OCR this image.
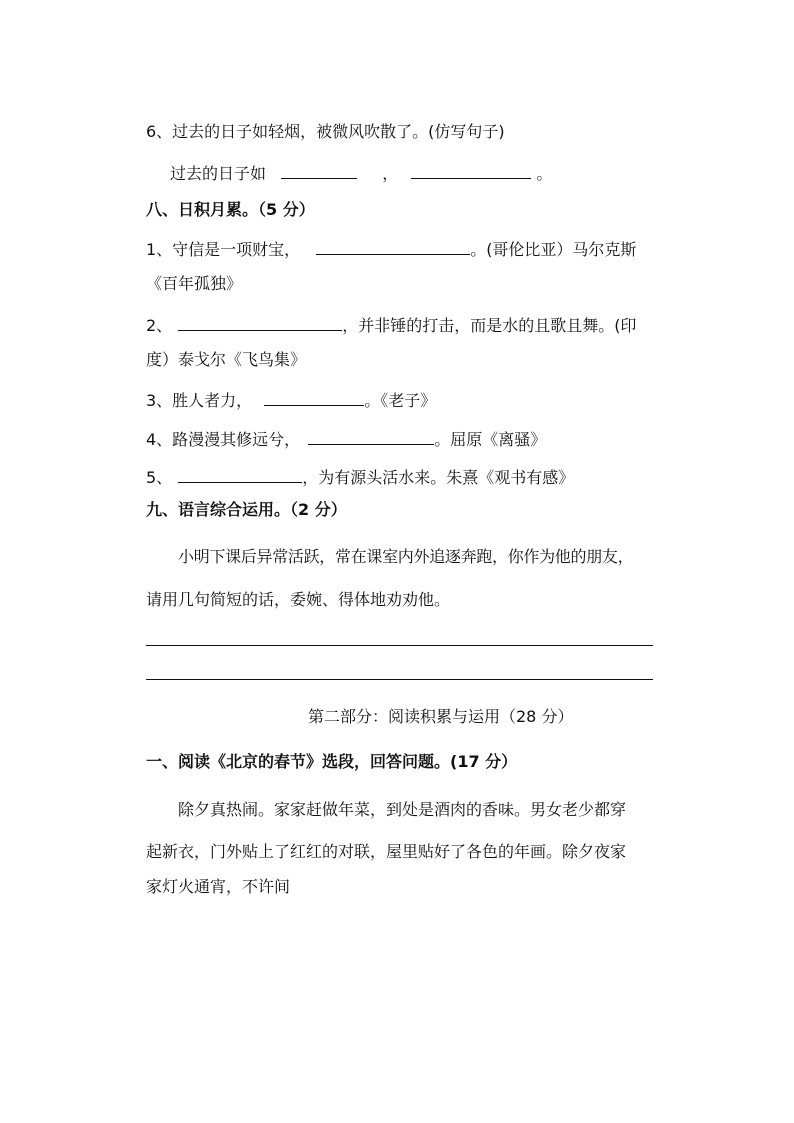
6、过去的日子如轻烟，被微风吹散了。(仿写句子)
过去的日子如	，	。
八、日积月累。（5 分）
1、守信是一项财宝，	。(哥伦比亚）马尔克斯
《百年孤独》
2、	，并非锤的打击，而是水的且歌且舞。(印
度）泰戈尔《飞鸟集》
3、胜人者力，	。《老子》
4、路漫漫其修远兮，	。屈原《离骚》
5、	，为有源头活水来。朱熹《观书有感》
九、语言综合运用。（2 分）
小明下课后异常活跃，常在课室内外追逐奔跑，你作为他的朋友，
请用几句简短的话，委婉、得体地劝劝他。
第二部分：阅读积累与运用（28 分）
一、阅读《北京的春节》选段，回答问题。(17 分）
除夕真热闹。家家赶做年菜，到处是酒肉的香味。男女老少都穿
起新衣，门外贴上了红红的对联，屋里贴好了各色的年画。除夕夜家
家灯火通宵，不许间
